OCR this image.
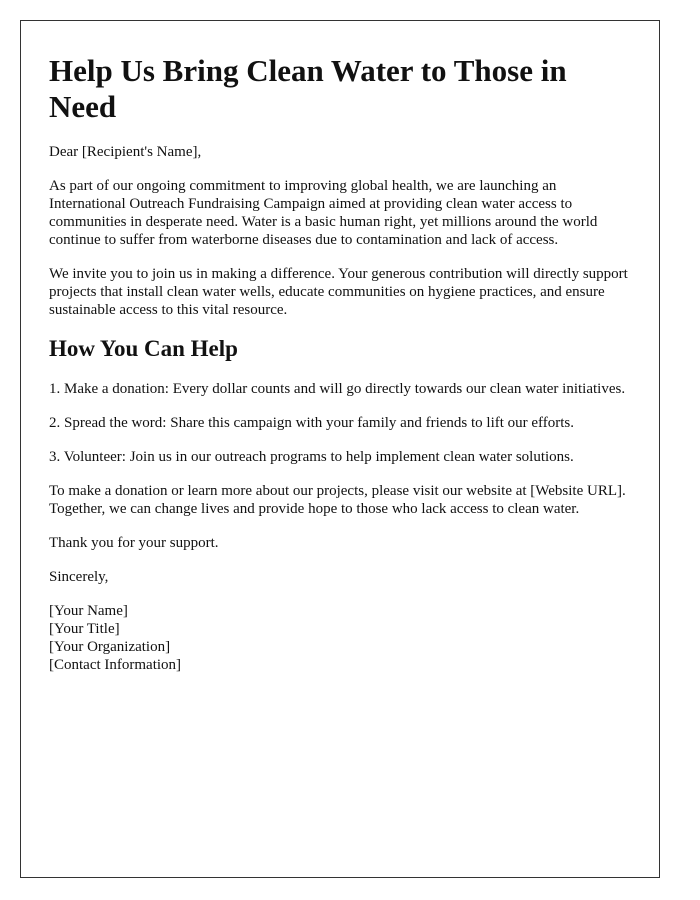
Help Us Bring Clean Water to Those in Need

Dear [Recipient's Name],

As part of our ongoing commitment to improving global health, we are launching an International Outreach Fundraising Campaign aimed at providing clean water access to communities in desperate need. Water is a basic human right, yet millions around the world continue to suffer from waterborne diseases due to contamination and lack of access.

We invite you to join us in making a difference. Your generous contribution will directly support projects that install clean water wells, educate communities on hygiene practices, and ensure sustainable access to this vital resource.

How You Can Help

1. Make a donation: Every dollar counts and will go directly towards our clean water initiatives.

2. Spread the word: Share this campaign with your family and friends to lift our efforts.

3. Volunteer: Join us in our outreach programs to help implement clean water solutions.

To make a donation or learn more about our projects, please visit our website at [Website URL]. Together, we can change lives and provide hope to those who lack access to clean water.

Thank you for your support.

Sincerely,

[Your Name]

[Your Title]

[Your Organization]

[Contact Information]
